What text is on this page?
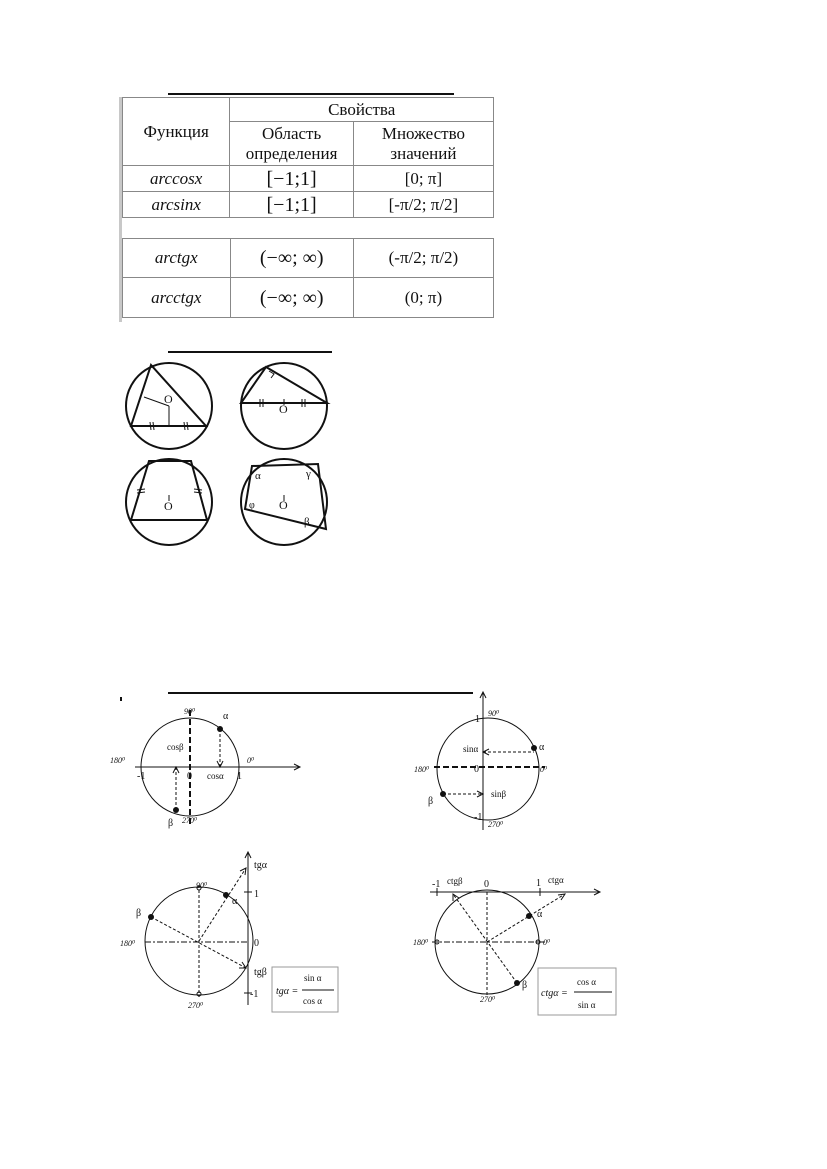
Функция	Свойства	
	Область определения	Множество значений
arccosx	[−1;1]	[0; π]
arcsinx	[−1;1]	[-π/2; π/2]
arctgx	(−∞; ∞)	(-π/2; π/2)
arcctgx	(−∞; ∞)	(0; π)
O
O
O	O
α	γ
φ
β
90⁰	α
cosβ
180⁰	0⁰
-1	0 cosα 1
β 270⁰
1
90⁰
sinα	α
180⁰	0	0⁰
sinβ
β
-1
270⁰
tgα
90⁰
α
1
β
180⁰	0
tgβ
-1
270⁰
tgα =
sin α
cos α
-1 ctgβ 0	1 ctgα
α
180⁰	0⁰
β
270⁰
ctgα =
cos α
sin α
